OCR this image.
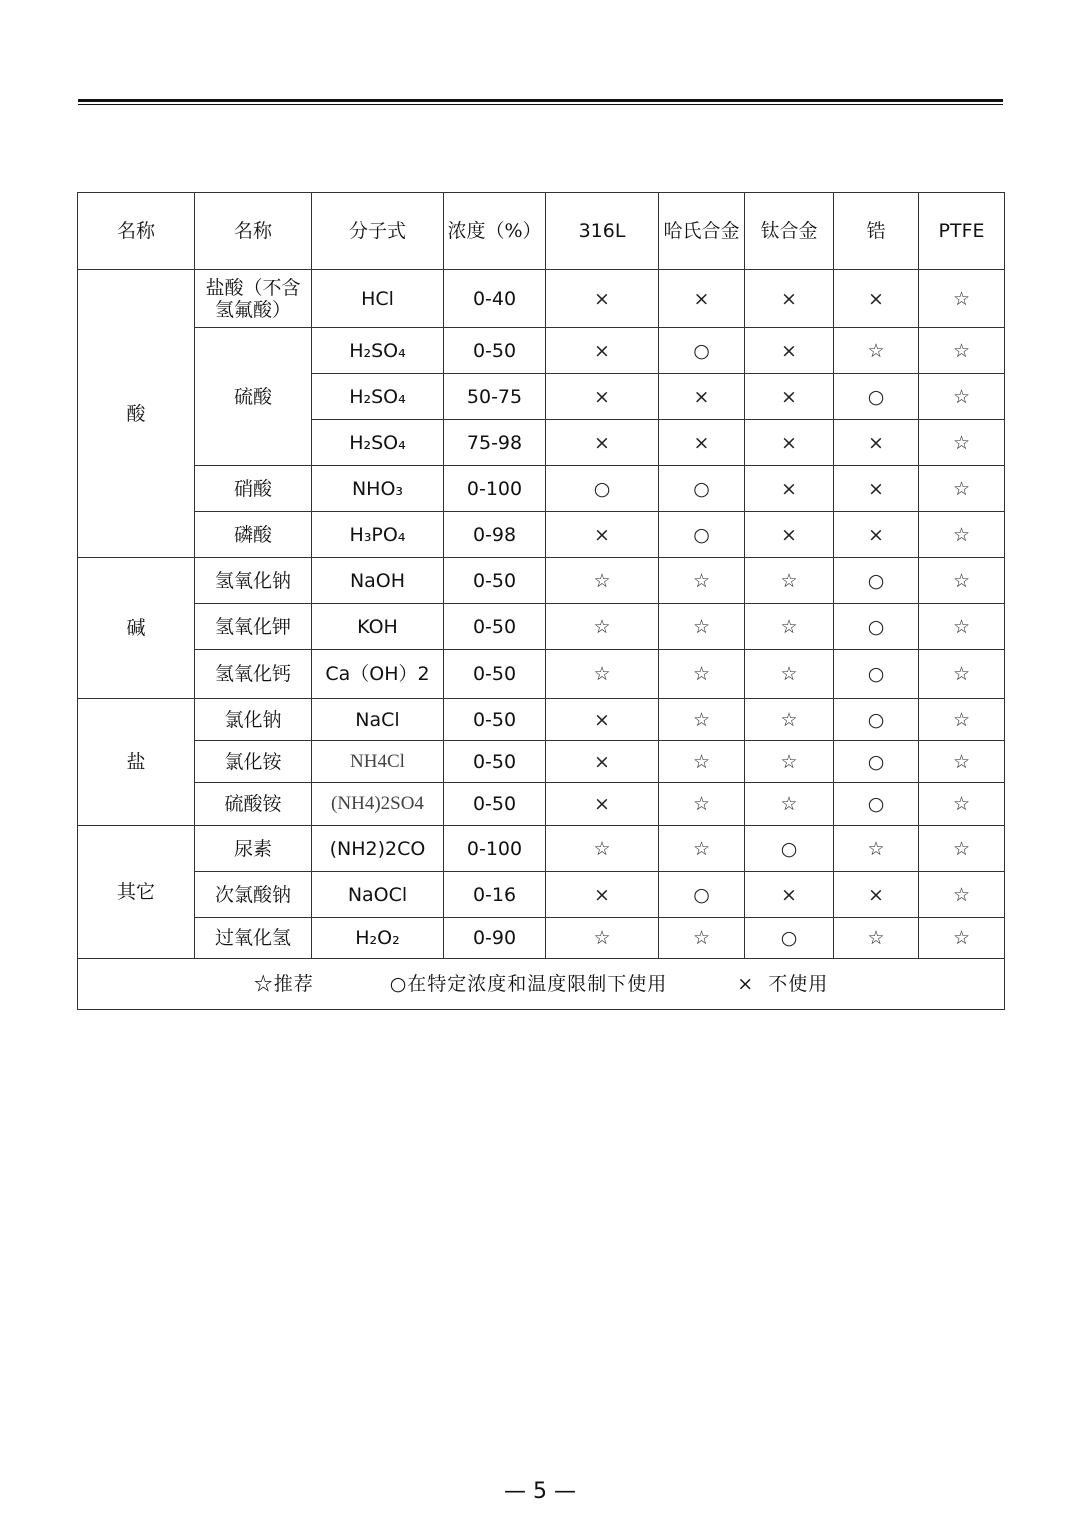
名称	名称	分子式	浓度（%）	316L	哈氏合金	钛合金	锆	PTFE
酸	盐酸（不含氢氟酸）	HCl	0-40	×	×	×	×	☆
	硫酸	H₂SO₄	0-50	×	○	×	☆	☆
		H₂SO₄	50-75	×	×	×	○	☆
		H₂SO₄	75-98	×	×	×	×	☆
	硝酸	NHO₃	0-100	○	○	×	×	☆
	磷酸	H₃PO₄	0-98	×	○	×	×	☆
碱	氢氧化钠	NaOH	0-50	☆	☆	☆	○	☆
	氢氧化钾	KOH	0-50	☆	☆	☆	○	☆
	氢氧化钙	Ca（OH）2	0-50	☆	☆	☆	○	☆
盐	氯化钠	NaCl	0-50	×	☆	☆	○	☆
	氯化铵	NH4Cl	0-50	×	☆	☆	○	☆
	硫酸铵	(NH4)2SO4	0-50	×	☆	☆	○	☆
其它	尿素	(NH2)2CO	0-100	☆	☆	○	☆	☆
	次氯酸钠	NaOCl	0-16	×	○	×	×	☆
	过氧化氢	H₂O₂	0-90	☆	☆	○	☆	☆
☆推荐 ○在特定浓度和温度限制下使用 ×  不使用								
— 5 —
